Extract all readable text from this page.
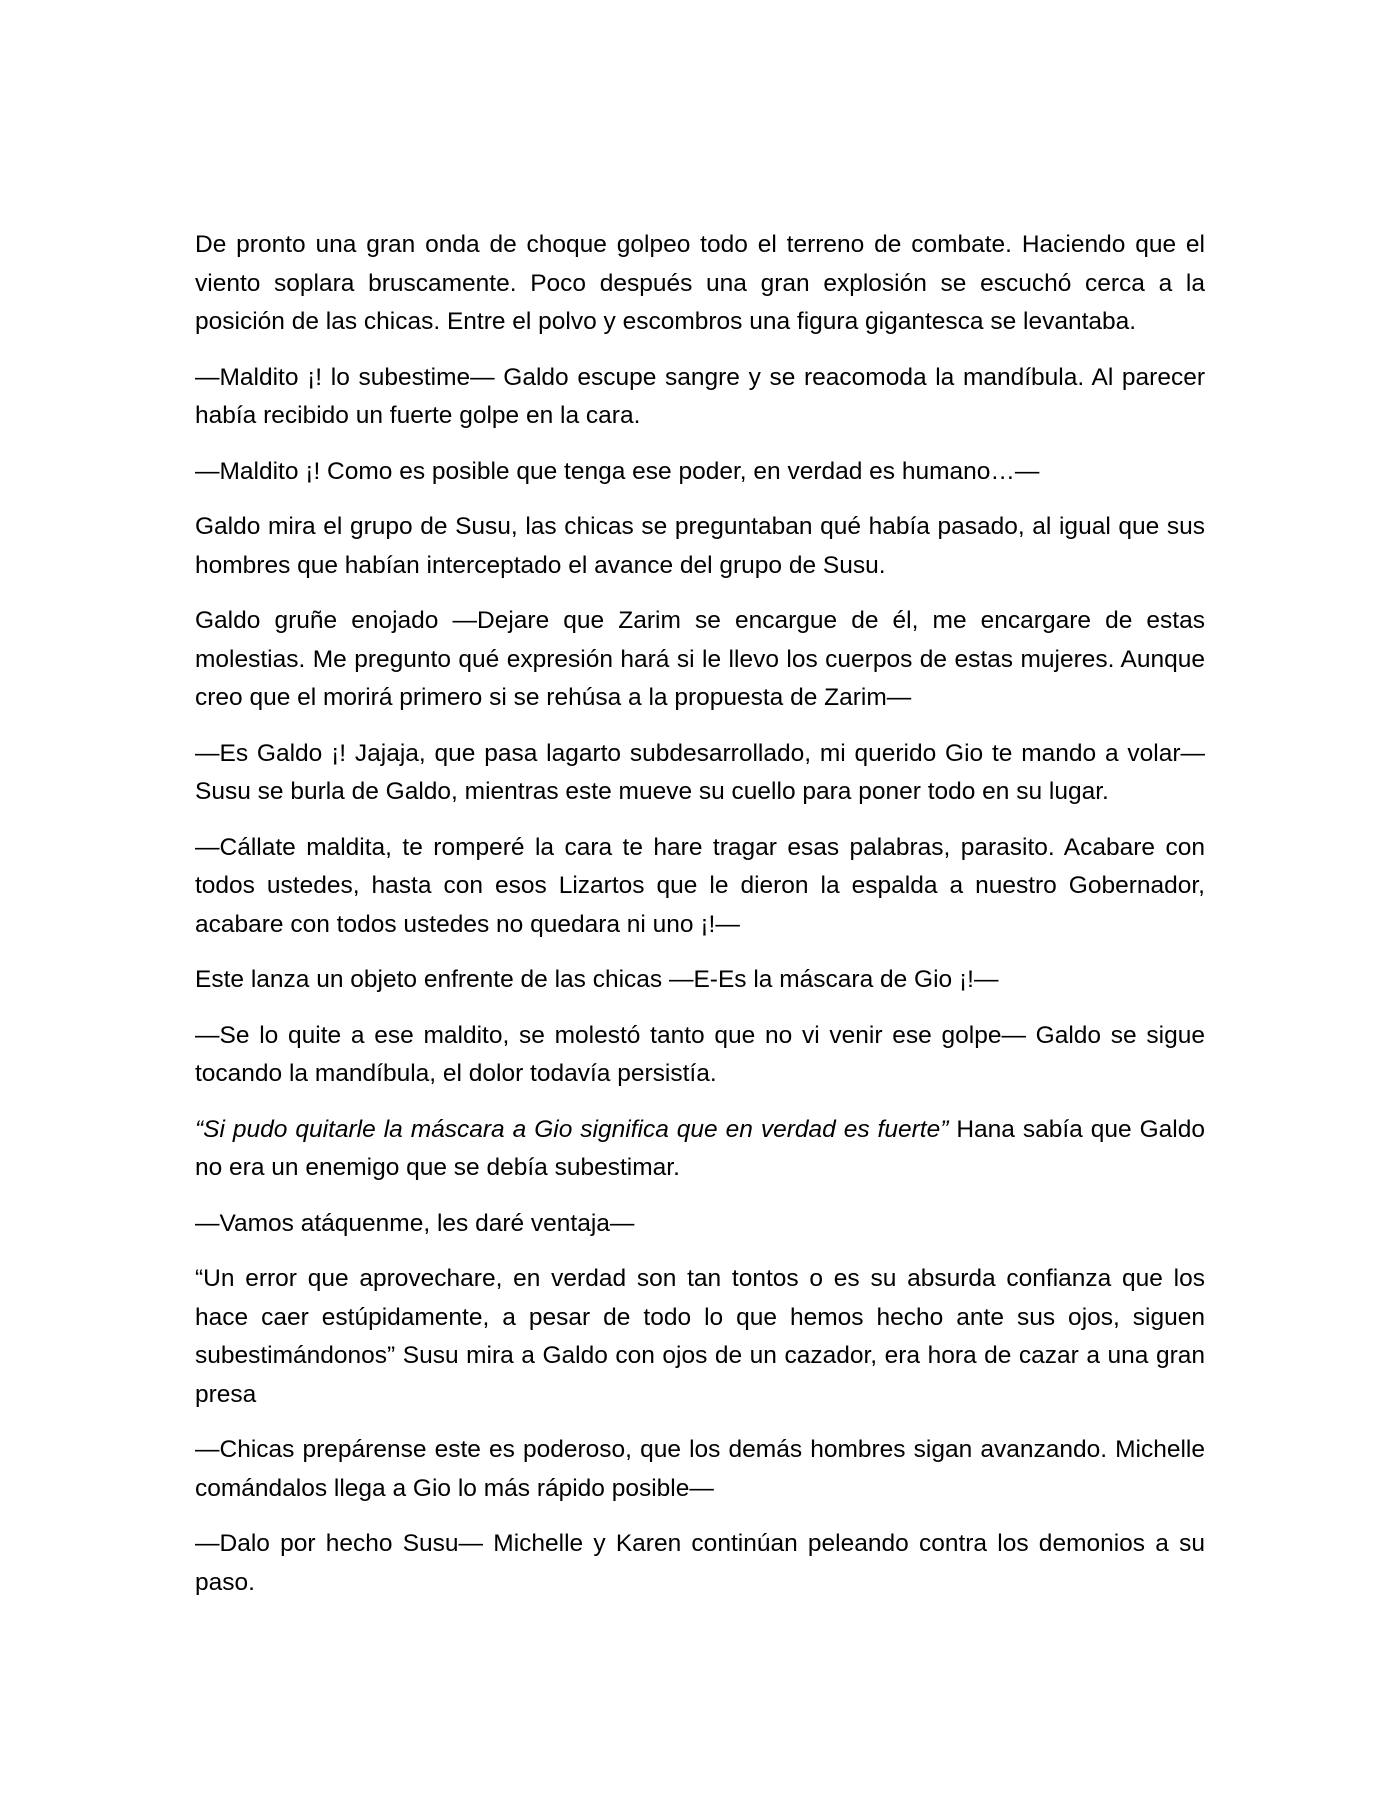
De pronto una gran onda de choque golpeo todo el terreno de combate. Haciendo que el viento soplara bruscamente. Poco después una gran explosión se escuchó cerca a la posición de las chicas. Entre el polvo y escombros una figura gigantesca se levantaba.

—Maldito ¡! lo subestime— Galdo escupe sangre y se reacomoda la mandíbula. Al parecer había recibido un fuerte golpe en la cara.

—Maldito ¡! Como es posible que tenga ese poder, en verdad es humano…—

Galdo mira el grupo de Susu, las chicas se preguntaban qué había pasado, al igual que sus hombres que habían interceptado el avance del grupo de Susu.

Galdo gruñe enojado —Dejare que Zarim se encargue de él, me encargare de estas molestias. Me pregunto qué expresión hará si le llevo los cuerpos de estas mujeres. Aunque creo que el morirá primero si se rehúsa a la propuesta de Zarim—

—Es Galdo ¡! Jajaja, que pasa lagarto subdesarrollado, mi querido Gio te mando a volar— Susu se burla de Galdo, mientras este mueve su cuello para poner todo en su lugar.

—Cállate maldita, te romperé la cara te hare tragar esas palabras, parasito. Acabare con todos ustedes, hasta con esos Lizartos que le dieron la espalda a nuestro Gobernador, acabare con todos ustedes no quedara ni uno ¡!—

Este lanza un objeto enfrente de las chicas —E-Es la máscara de Gio ¡!—

—Se lo quite a ese maldito, se molestó tanto que no vi venir ese golpe— Galdo se sigue tocando la mandíbula, el dolor todavía persistía.

“Si pudo quitarle la máscara a Gio significa que en verdad es fuerte” Hana sabía que Galdo no era un enemigo que se debía subestimar.

—Vamos atáquenme, les daré ventaja—

“Un error que aprovechare, en verdad son tan tontos o es su absurda confianza que los hace caer estúpidamente, a pesar de todo lo que hemos hecho ante sus ojos, siguen subestimándonos” Susu mira a Galdo con ojos de un cazador, era hora de cazar a una gran presa

—Chicas prepárense este es poderoso, que los demás hombres sigan avanzando. Michelle comándalos llega a Gio lo más rápido posible—

—Dalo por hecho Susu— Michelle y Karen continúan peleando contra los demonios a su paso.
